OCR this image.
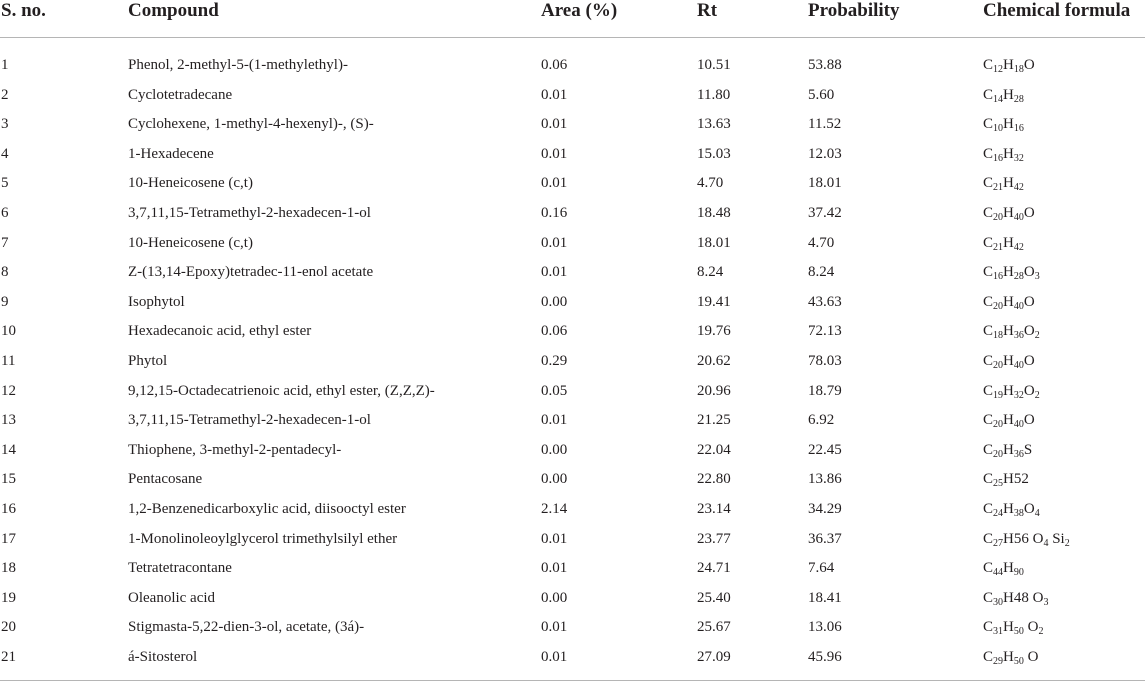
S. no.	Compound	Area (%)	Rt	Probability	Chemical formula
1	Phenol, 2-methyl-5-(1-methylethyl)-	0.06	10.51	53.88	$C_{12}H_{18}O$
2	Cyclotetradecane	0.01	11.80	5.60	$C_{14}H_{28}$
3	Cyclohexene, 1-methyl-4-hexenyl)-, (S)-	0.01	13.63	11.52	$C_{10}H_{16}$
4	1-Hexadecene	0.01	15.03	12.03	$C_{16}H_{32}$
5	10-Heneicosene (c,t)	0.01	4.70	18.01	$C_{21}H_{42}$
6	3,7,11,15-Tetramethyl-2-hexadecen-1-ol	0.16	18.48	37.42	$C_{20}H_{40}O$
7	10-Heneicosene (c,t)	0.01	18.01	4.70	$C_{21}H_{42}$
8	Z-(13,14-Epoxy)tetradec-11-enol acetate	0.01	8.24	8.24	$C_{16}H_{28}O_3$
9	Isophytol	0.00	19.41	43.63	$C_{20}H_{40}O$
10	Hexadecanoic acid, ethyl ester	0.06	19.76	72.13	$C_{18}H_{36}O_2$
11	Phytol	0.29	20.62	78.03	$C_{20}H_{40}O$
12	9,12,15-Octadecatrienoic acid, ethyl ester, (Z,Z,Z)-	0.05	20.96	18.79	$C_{19}H_{32}O_2$
13	3,7,11,15-Tetramethyl-2-hexadecen-1-ol	0.01	21.25	6.92	$C_{20}H_{40}O$
14	Thiophene, 3-methyl-2-pentadecyl-	0.00	22.04	22.45	$C_{20}H_{36}S$
15	Pentacosane	0.00	22.80	13.86	$C_{25}H52$
16	1,2-Benzenedicarboxylic acid, diisooctyl ester	2.14	23.14	34.29	$C_{24}H_{38}O_4$
17	1-Monolinoleoylglycerol trimethylsilyl ether	0.01	23.77	36.37	$C_{27}H56$ $O_4$ $Si_2$
18	Tetratetracontane	0.01	24.71	7.64	$C_{44}H_{90}$
19	Oleanolic acid	0.00	25.40	18.41	$C_{30}H48$ $O_3$
20	Stigmasta-5,22-dien-3-ol, acetate, (3á)-	0.01	25.67	13.06	$C_{31}H_{50}$ $O_2$
21	á-Sitosterol	0.01	27.09	45.96	$C_{29}H_{50}$ O
